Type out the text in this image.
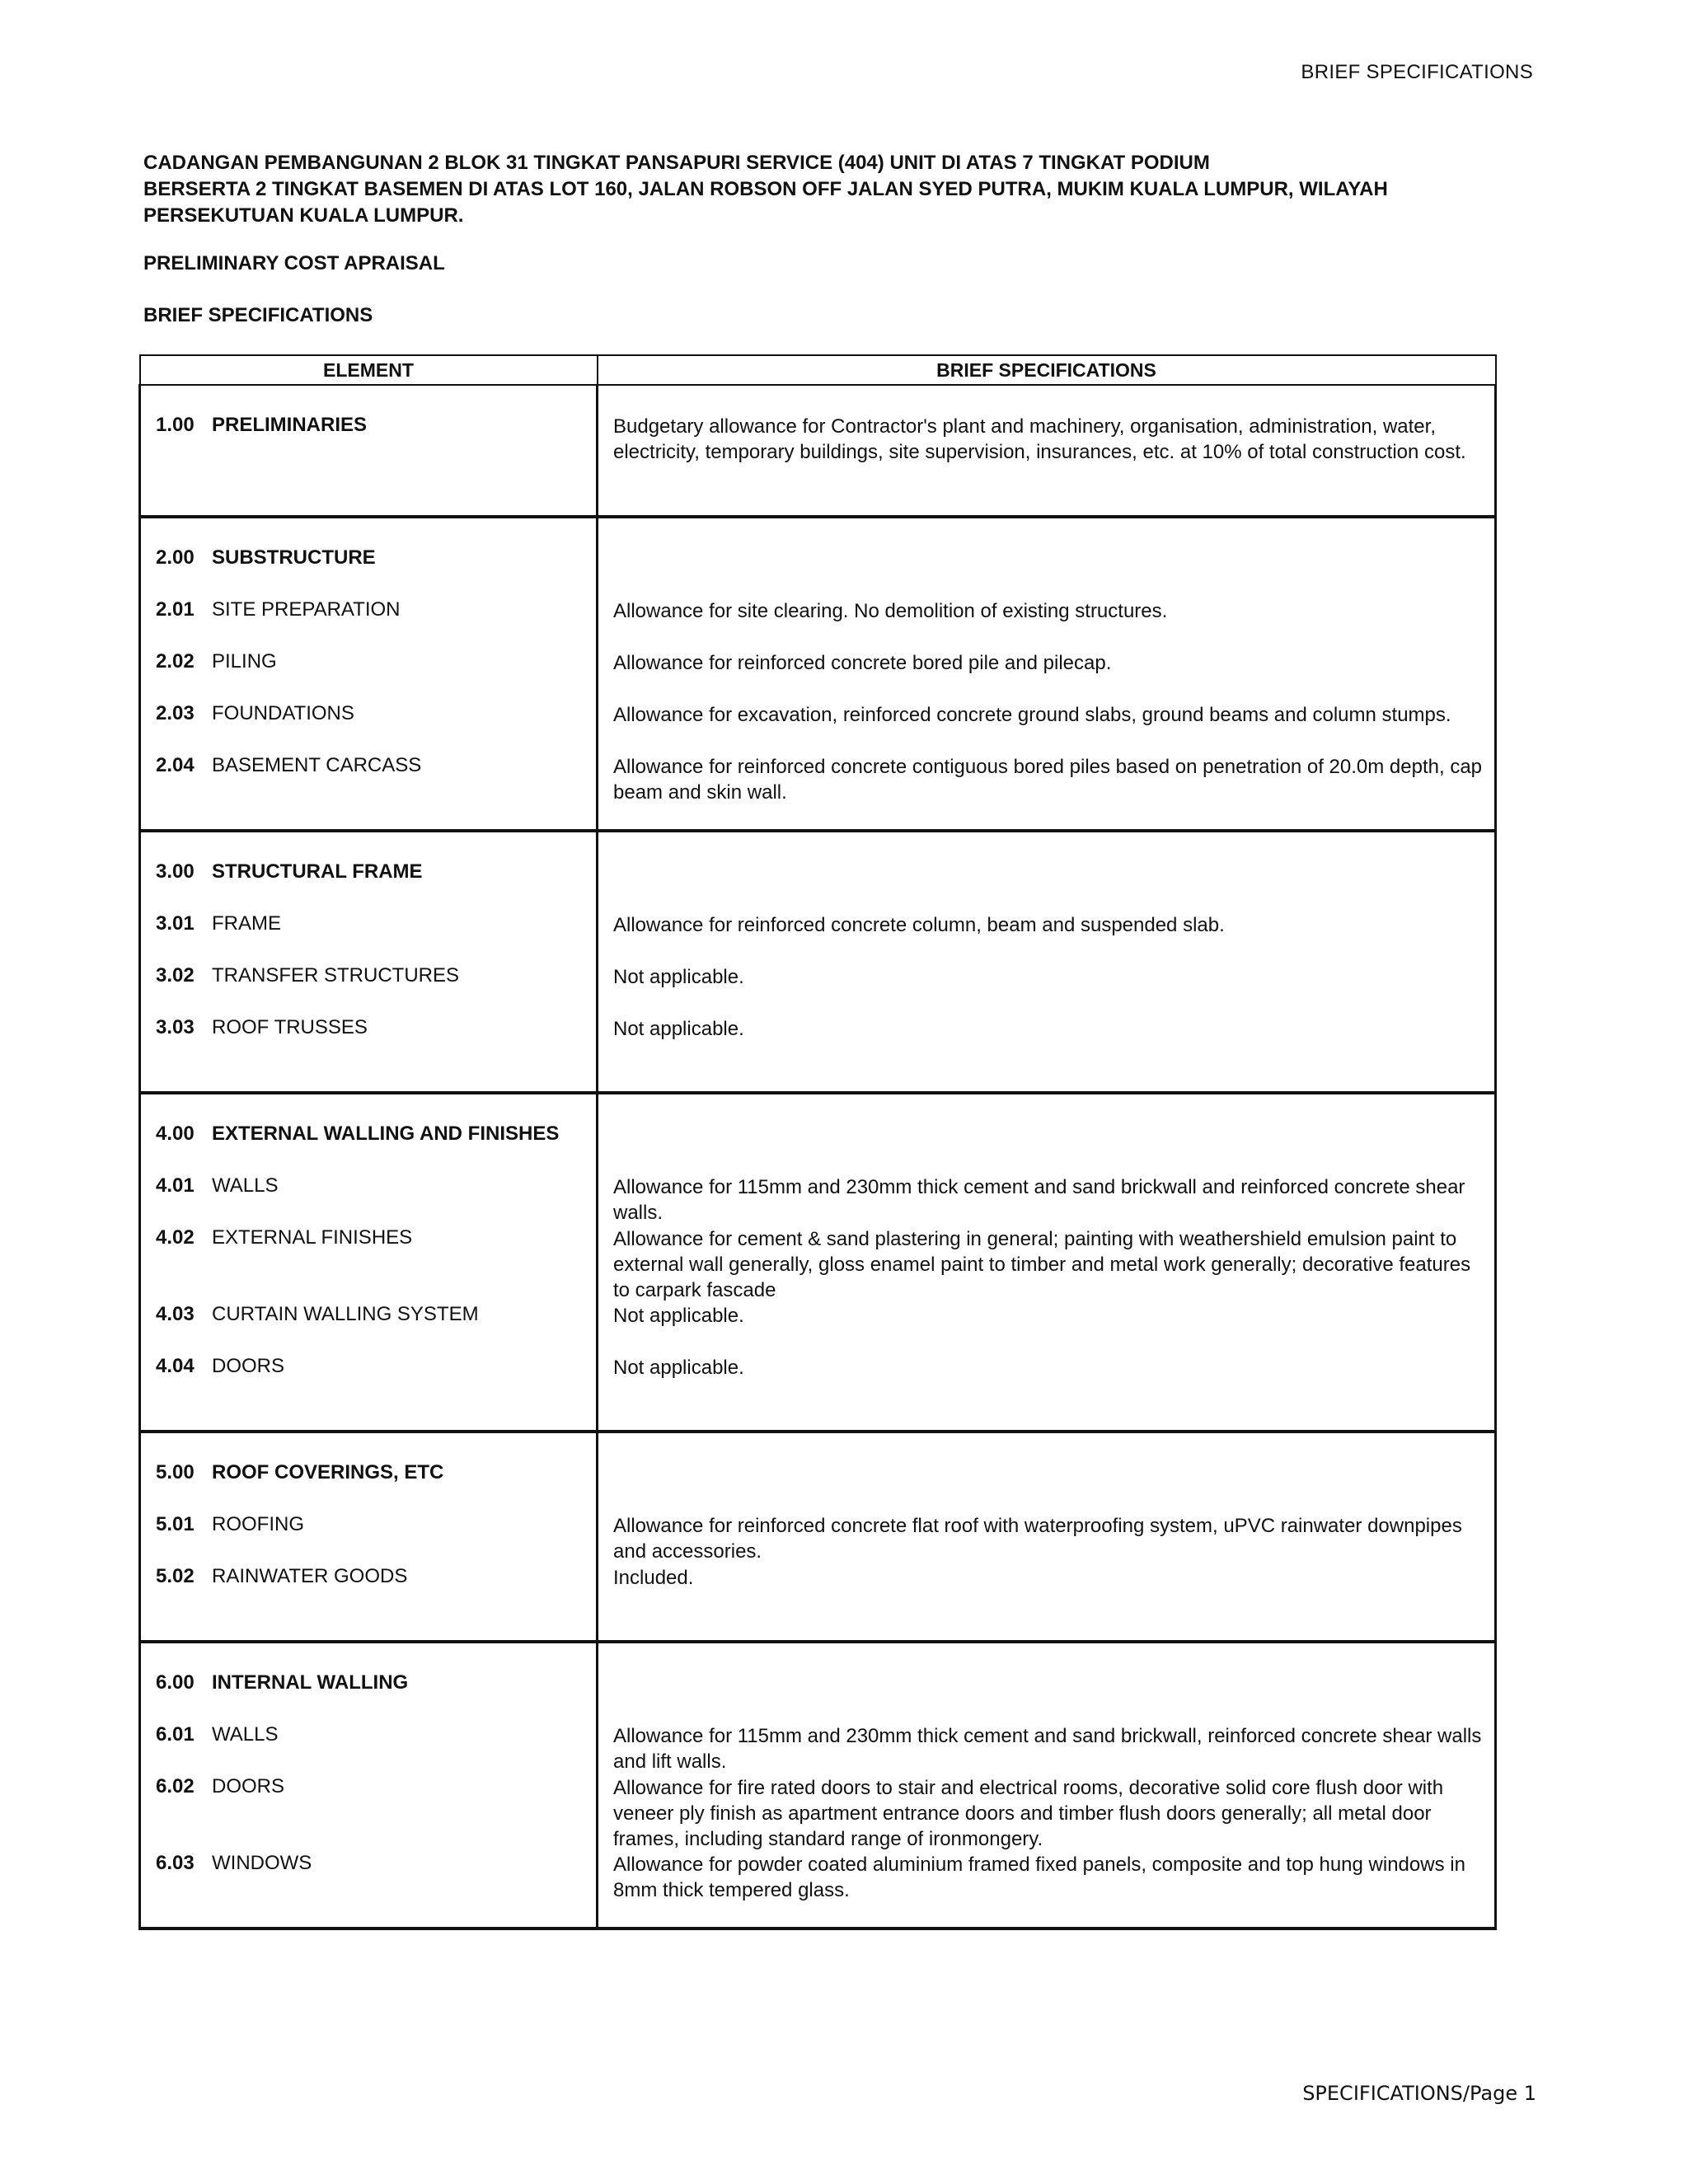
BRIEF SPECIFICATIONS
CADANGAN PEMBANGUNAN 2 BLOK 31 TINGKAT PANSAPURI SERVICE (404) UNIT DI ATAS 7 TINGKAT PODIUM
BERSERTA 2 TINGKAT BASEMEN DI ATAS LOT 160, JALAN ROBSON OFF JALAN SYED PUTRA, MUKIM KUALA LUMPUR, WILAYAH
PERSEKUTUAN KUALA LUMPUR.
PRELIMINARY COST APRAISAL
BRIEF SPECIFICATIONS
ELEMENT	BRIEF SPECIFICATIONS

1.00 PRELIMINARIES	Budgetary allowance for Contractor's plant and machinery, organisation, administration, water, electricity, temporary buildings, site supervision, insurances, etc. at 10% of total construction cost.

2.00 SUBSTRUCTURE	

2.01 SITE PREPARATION	Allowance for site clearing. No demolition of existing structures.

2.02 PILING	Allowance for reinforced concrete bored pile and pilecap.

2.03 FOUNDATIONS	Allowance for excavation, reinforced concrete ground slabs, ground beams and column stumps.

2.04 BASEMENT CARCASS	Allowance for reinforced concrete contiguous bored piles based on penetration of 20.0m depth, cap beam and skin wall.

3.00 STRUCTURAL FRAME	

3.01 FRAME	Allowance for reinforced concrete column, beam and suspended slab.

3.02 TRANSFER STRUCTURES	Not applicable.

3.03 ROOF TRUSSES	Not applicable.

4.00 EXTERNAL WALLING AND FINISHES	

4.01 WALLS	Allowance for 115mm and 230mm thick cement and sand brickwall and reinforced concrete shear walls.

4.02 EXTERNAL FINISHES	Allowance for cement & sand plastering in general; painting with weathershield emulsion paint to external wall generally, gloss enamel paint to timber and metal work generally; decorative features to carpark fascade

4.03 CURTAIN WALLING SYSTEM	Not applicable.

4.04 DOORS	Not applicable.

5.00 ROOF COVERINGS, ETC	

5.01 ROOFING	Allowance for reinforced concrete flat roof with waterproofing system, uPVC rainwater downpipes and accessories.

5.02 RAINWATER GOODS	Included.

6.00 INTERNAL WALLING	

6.01 WALLS	Allowance for 115mm and 230mm thick cement and sand brickwall, reinforced concrete shear walls and lift walls.

6.02 DOORS	Allowance for fire rated doors to stair and electrical rooms, decorative solid core flush door with veneer ply finish as apartment entrance doors and timber flush doors generally; all metal door frames, including standard range of ironmongery.

6.03 WINDOWS	Allowance for powder coated aluminium framed fixed panels, composite and top hung windows in 8mm thick tempered glass.
SPECIFICATIONS/Page 1
